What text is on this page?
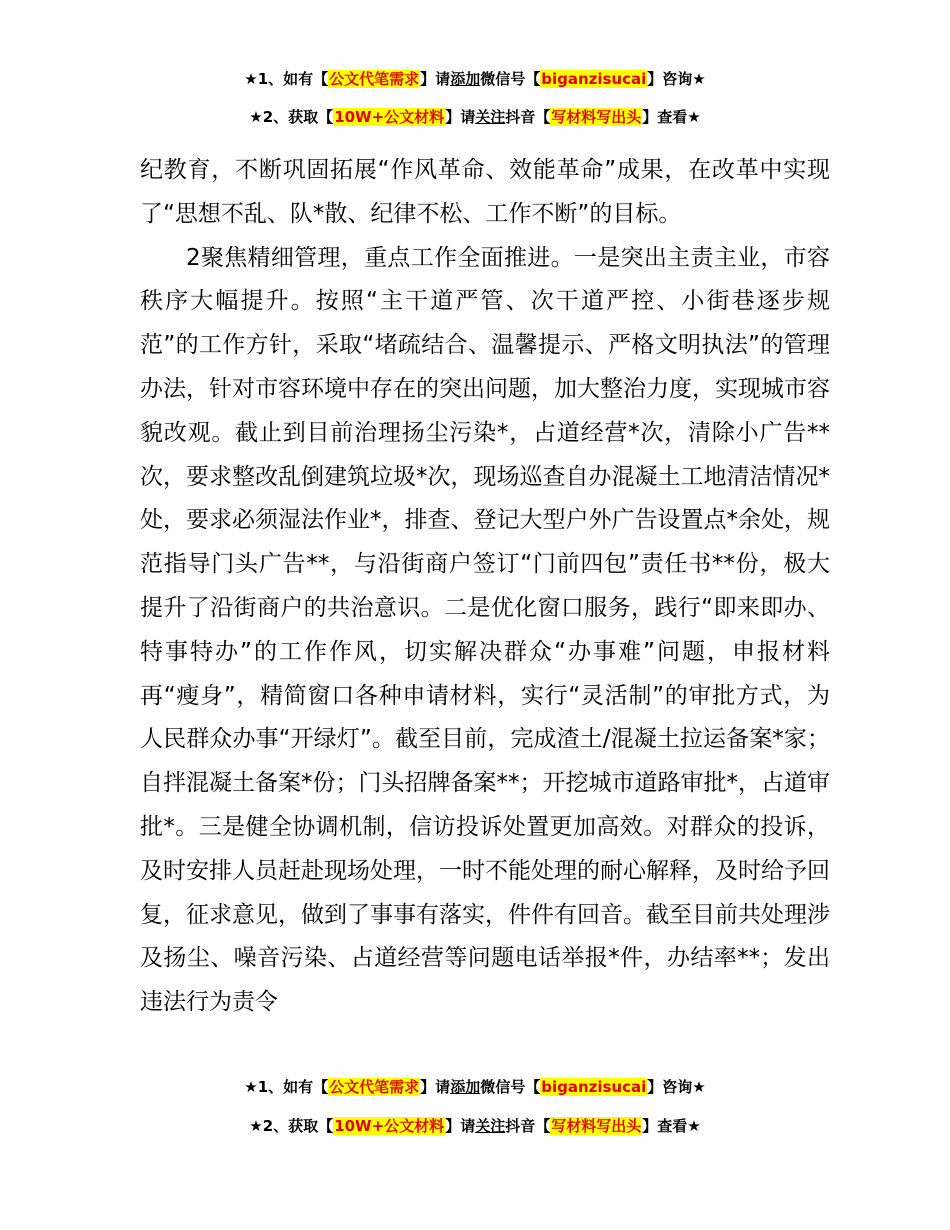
★1、如有【公文代笔需求】请添加微信号【biganzisucai】咨询★
★2、获取【10W+公文材料】请关注抖音【写材料写出头】查看★

纪教育，不断巩固拓展“作风革命、效能革命”成果，在改革中实现了“思想不乱、队*散、纪律不松、工作不断”的目标。

2聚焦精细管理，重点工作全面推进。一是突出主责主业，市容秩序大幅提升。按照“主干道严管、次干道严控、小街巷逐步规范”的工作方针，采取“堵疏结合、温馨提示、严格文明执法”的管理办法，针对市容环境中存在的突出问题，加大整治力度，实现城市容貌改观。截止到目前治理扬尘污染*，占道经营*次，清除小广告**次，要求整改乱倒建筑垃圾*次，现场巡查自办混凝土工地清洁情况*处，要求必须湿法作业*，排查、登记大型户外广告设置点*余处，规范指导门头广告**，与沿街商户签订“门前四包”责任书**份，极大提升了沿街商户的共治意识。二是优化窗口服务，践行“即来即办、特事特办”的工作作风，切实解决群众“办事难”问题，申报材料再“瘦身”，精简窗口各种申请材料，实行“灵活制”的审批方式，为人民群众办事“开绿灯”。截至目前，完成渣土/混凝土拉运备案*家；自拌混凝土备案*份；门头招牌备案**；开挖城市道路审批*，占道审批*。三是健全协调机制，信访投诉处置更加高效。对群众的投诉，及时安排人员赶赴现场处理，一时不能处理的耐心解释，及时给予回复，征求意见，做到了事事有落实，件件有回音。截至目前共处理涉及扬尘、噪音污染、占道经营等问题电话举报*件，办结率**；发出违法行为责令

★1、如有【公文代笔需求】请添加微信号【biganzisucai】咨询★
★2、获取【10W+公文材料】请关注抖音【写材料写出头】查看★
